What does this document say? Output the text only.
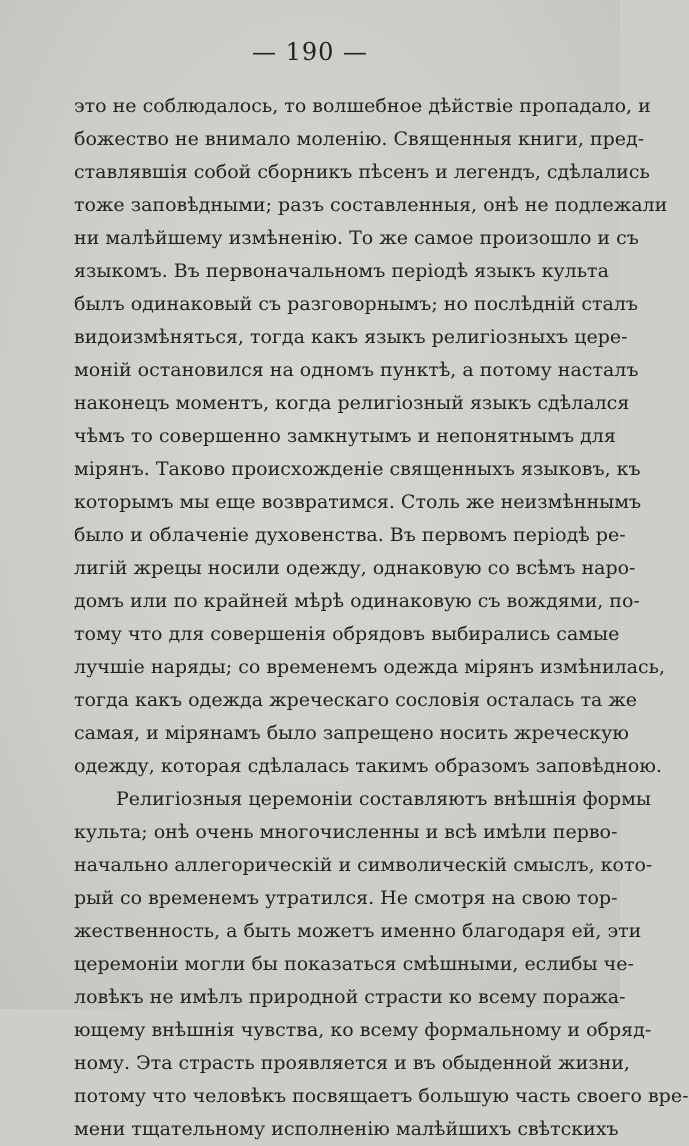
— 190 —
это не соблюдалось, то волшебное дѣйствіе пропадало, и
божество не внимало моленію. Священныя книги, пред-
ставлявшія собой сборникъ пѣсенъ и легендъ, сдѣлались
тоже заповѣдными; разъ составленныя, онѣ не подлежали
ни малѣйшему измѣненію. То же самое произошло и съ
языкомъ. Въ первоначальномъ періодѣ языкъ культа
былъ одинаковый съ разговорнымъ; но послѣдній сталъ
видоизмѣняться, тогда какъ языкъ религіозныхъ цере-
моній остановился на одномъ пунктѣ, а потому насталъ
наконецъ моментъ, когда религіозный языкъ сдѣлался
чѣмъ то совершенно замкнутымъ и непонятнымъ для
мірянъ. Таково происхожденіе священныхъ языковъ, къ
которымъ мы еще возвратимся. Столь же неизмѣннымъ
было и облаченіе духовенства. Въ первомъ періодѣ ре-
лигій жрецы носили одежду, однаковую со всѣмъ наро-
домъ или по крайней мѣрѣ одинаковую съ вождями, по-
тому что для совершенія обрядовъ выбирались самые
лучшіе наряды; со временемъ одежда мірянъ измѣнилась,
тогда какъ одежда жреческаго сословія осталась та же
самая, и мірянамъ было запрещено носить жреческую
одежду, которая сдѣлалась такимъ образомъ заповѣдною.
Религіозныя церемоніи составляютъ внѣшнія формы
культа; онѣ очень многочисленны и всѣ имѣли перво-
начально аллегорическій и символическій смыслъ, кото-
рый со временемъ утратился. Не смотря на свою тор-
жественность, а быть можетъ именно благодаря ей, эти
церемоніи могли бы показаться смѣшными, еслибы че-
ловѣкъ не имѣлъ природной страсти ко всему поража-
ющему внѣшнія чувства, ко всему формальному и обряд-
ному. Эта страсть проявляется и въ обыденной жизни,
потому что человѣкъ посвящаетъ большую часть своего вре-
мени тщательному исполненію малѣйшихъ свѣтскихъ
